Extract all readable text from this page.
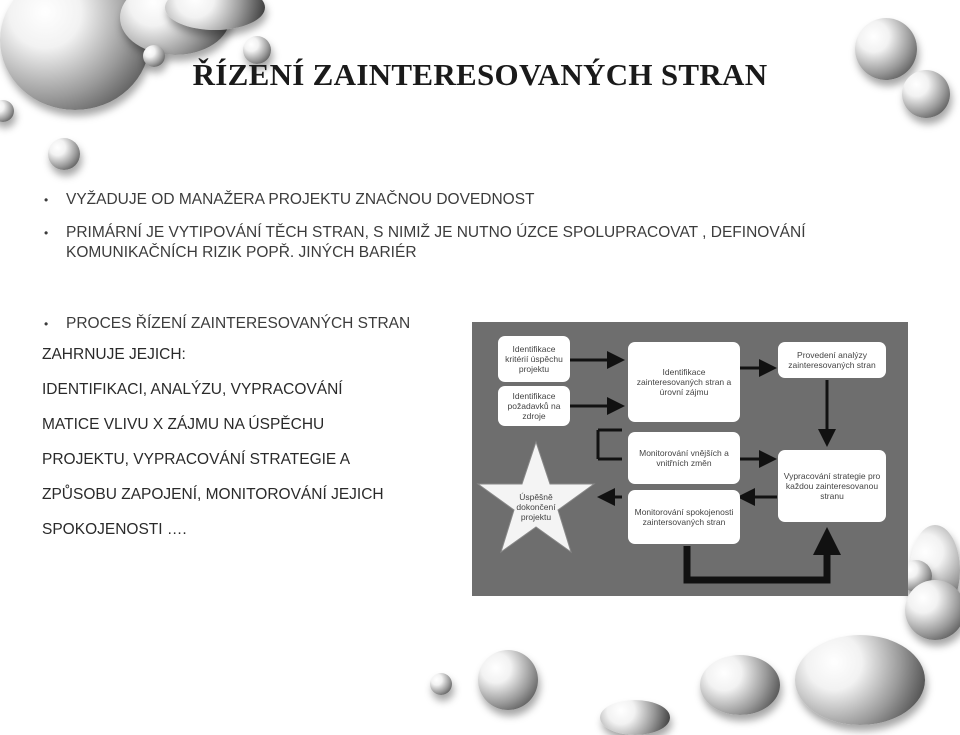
ŘÍZENÍ ZAINTERESOVANÝCH STRAN
• VYŽADUJE OD MANAŽERA PROJEKTU ZNAČNOU DOVEDNOST
• PRIMÁRNÍ JE VYTIPOVÁNÍ TĚCH STRAN, S NIMIŽ JE NUTNO ÚZCE SPOLUPRACOVAT , DEFINOVÁNÍ KOMUNIKAČNÍCH RIZIK POPŘ. JINÝCH BARIÉR
• PROCES ŘÍZENÍ ZAINTERESOVANÝCH STRAN
ZAHRNUJE JEJICH:
IDENTIFIKACI, ANALÝZU, VYPRACOVÁNÍ
MATICE VLIVU X ZÁJMU NA ÚSPĚCHU
PROJEKTU, VYPRACOVÁNÍ STRATEGIE A
ZPŮSOBU ZAPOJENÍ, MONITOROVÁNÍ JEJICH
SPOKOJENOSTI ….
Identifikace kritérií úspěchu projektu
Identifikace požadavků na zdroje
Identifikace zainteresovaných stran a úrovní zájmu
Provedení analýzy zainteresovaných stran
Monitorování vnějších a vnitřních změn
Vypracování strategie pro každou zainteresovanou stranu
Monitorování spokojenosti zaintersovaných stran
Úspěšně dokončení projektu
